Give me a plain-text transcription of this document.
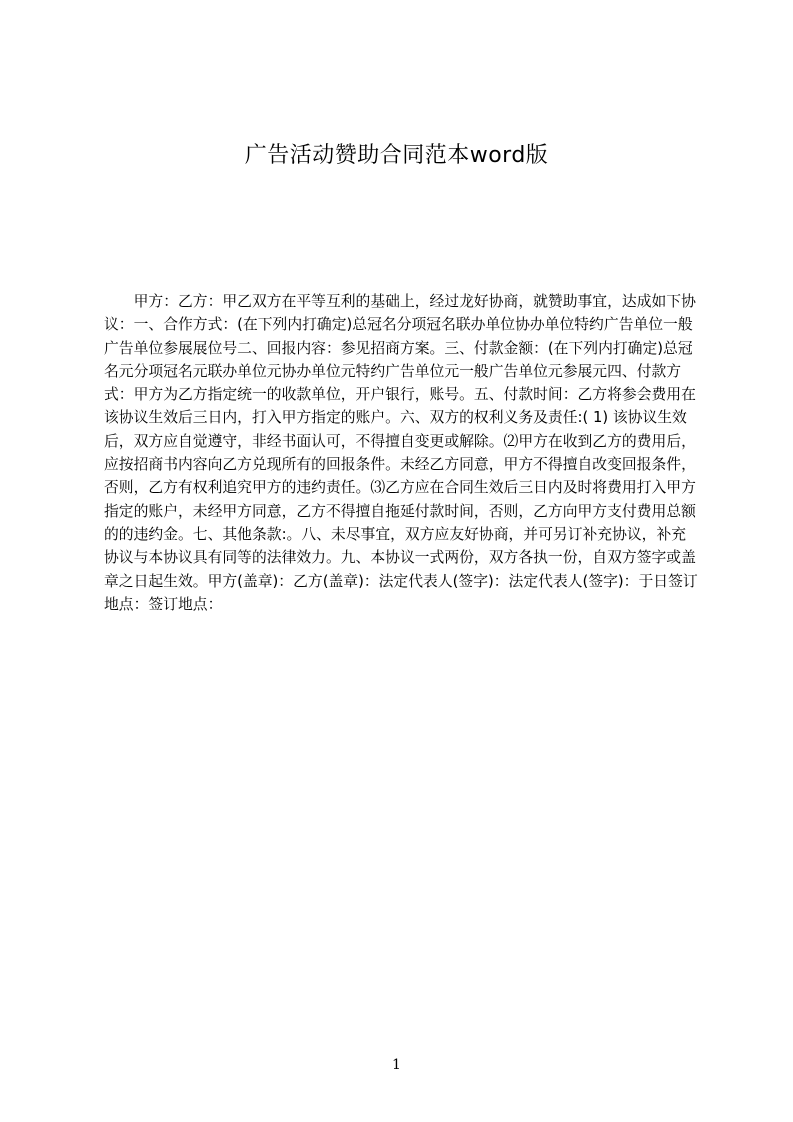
广告活动赞助合同范本word版

甲方：乙方：甲乙双方在平等互利的基础上，经过龙好协商，就赞助事宜，达成如下协议：一、合作方式：(在下列内打确定)总冠名分项冠名联办单位协办单位特约广告单位一般广告单位参展展位号二、回报内容：参见招商方案。三、付款金额：(在下列内打确定)总冠名元分项冠名元联办单位元协办单位元特约广告单位元一般广告单位元参展元四、付款方式：甲方为乙方指定统一的收款单位，开户银行，账号。五、付款时间：乙方将参会费用在该协议生效后三日内，打入甲方指定的账户。六、双方的权利义务及责任:( 1) 该协议生效后，双方应自觉遵守，非经书面认可，不得擅自变更或解除。⑵甲方在收到乙方的费用后，应按招商书内容向乙方兑现所有的回报条件。未经乙方同意，甲方不得擅自改变回报条件，否则，乙方有权利追究甲方的违约责任。⑶乙方应在合同生效后三日内及时将费用打入甲方指定的账户，未经甲方同意，乙方不得擅自拖延付款时间，否则，乙方向甲方支付费用总额的的违约金。七、其他条款:。八、未尽事宜，双方应友好协商，并可另订补充协议，补充协议与本协议具有同等的法律效力。九、本协议一式两份，双方各执一份，自双方签字或盖章之日起生效。甲方(盖章)：乙方(盖章)：法定代表人(签字)：法定代表人(签字)：于日签订地点：签订地点：

1
